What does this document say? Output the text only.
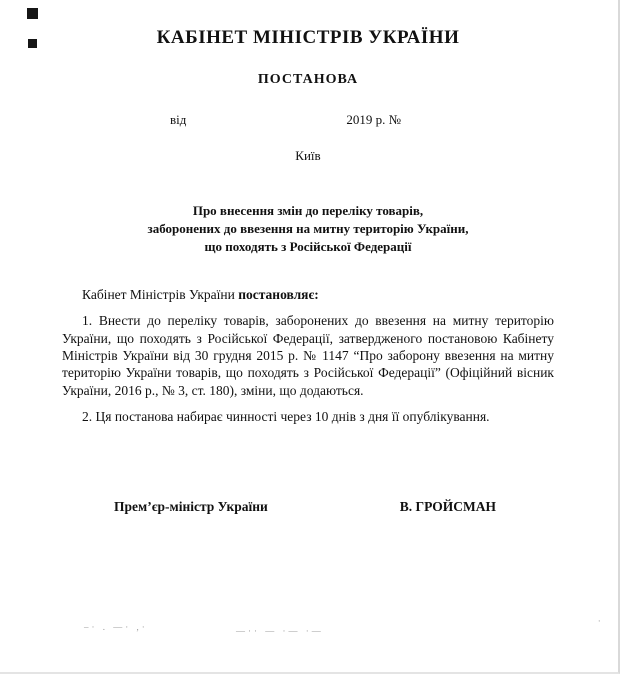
КАБІНЕТ МІНІСТРІВ УКРАЇНИ
ПОСТАНОВА
від	2019 р. №
Київ
Про внесення змін до переліку товарів,
заборонених до ввезення на митну територію України,
що походять з Російської Федерації
Кабінет Міністрів України постановляє:
1. Внести до переліку товарів, заборонених до ввезення на митну територію України, що походять з Російської Федерації, затвердженого постановою Кабінету Міністрів України від 30 грудня 2015 р. № 1147 “Про заборону ввезення на митну територію України товарів, що походять з Російської Федерації” (Офіційний вісник України, 2016 р., № 3, ст. 180), зміни, що додаються.
2. Ця постанова набирає чинності через 10 днів з дня її опублікування.
Прем’єр-міністр України	В. ГРОЙСМАН
–· . —· ,·	—·· — ·— ·—
·
